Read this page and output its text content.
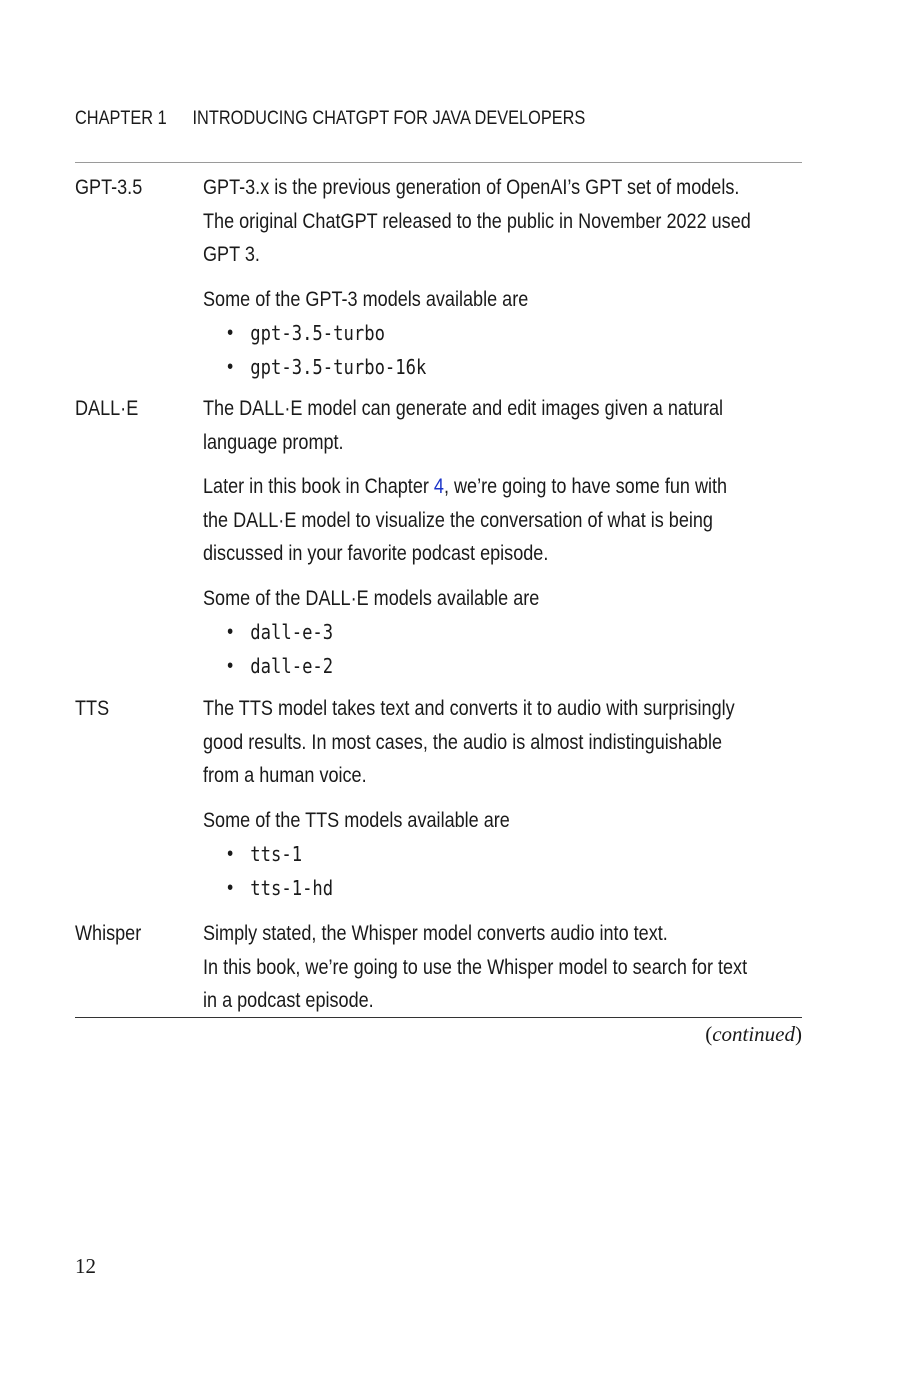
CHAPTER 1 INTRODUCING CHATGPT FOR JAVA DEVELOPERS
GPT-3.5	GPT-3.x is the previous generation of OpenAI’s GPT set of models.
The original ChatGPT released to the public in November 2022 used
GPT 3.

Some of the GPT-3 models available are

• gpt-3.5-turbo
• gpt-3.5-turbo-16k
DALL·E	The DALL·E model can generate and edit images given a natural
language prompt.

Later in this book in Chapter 4, we’re going to have some fun with
the DALL·E model to visualize the conversation of what is being
discussed in your favorite podcast episode.

Some of the DALL·E models available are

• dall-e-3
• dall-e-2
TTS	The TTS model takes text and converts it to audio with surprisingly
good results. In most cases, the audio is almost indistinguishable
from a human voice.

Some of the TTS models available are

• tts-1
• tts-1-hd
Whisper	Simply stated, the Whisper model converts audio into text.
In this book, we’re going to use the Whisper model to search for text
in a podcast episode.

(continued)
12
